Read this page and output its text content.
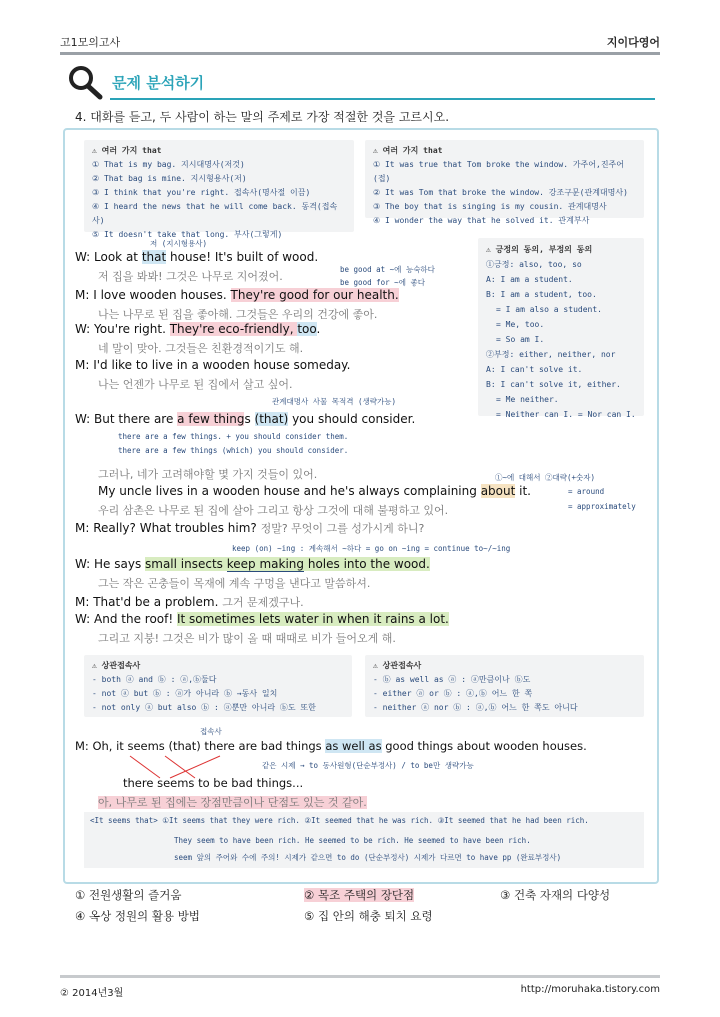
고1모의고사	지이다영어
문제 분석하기
4. 대화를 듣고, 두 사람이 하는 말의 주제로 가장 적절한 것을 고르시오.
⚠ 여러 가지 that
① That is my bag. 지시대명사(저것)
② That bag is mine. 지시형용사(저)
③ I think that you're right. 접속사(명사절 이끔)
④ I heard the news that he will come back. 동격(접속사)
⑤ It doesn't take that long. 부사(그렇게)
⚠ 여러 가지 that
① It was true that Tom broke the window. 가주어,진주어(접)
② It was Tom that broke the window. 강조구문(관계대명사)
③ The boy that is singing is my cousin. 관계대명사
④ I wonder the way that he solved it. 관계부사
⚠ 긍정의 동의, 부정의 동의
①긍정: also, too, so
A: I am a student.
B: I am a student, too.
= I am also a student.
= Me, too.
= So am I.
②부정: either, neither, nor
A: I can't solve it.
B: I can't solve it, either.
= Me neither.
= Neither can I. = Nor can I.
저 (지시형용사)
W: Look at that house! It's built of wood.
저 집을 봐봐! 그것은 나무로 지어졌어.
be good at ~에 능숙하다
be good for ~에 좋다
M: I love wooden houses. They're good for our health.
나는 나무로 된 집을 좋아해. 그것들은 우리의 건강에 좋아.
W: You're right. They're eco-friendly, too.
네 말이 맞아. 그것들은 친환경적이기도 해.
M: I'd like to live in a wooden house someday.
나는 언젠가 나무로 된 집에서 살고 싶어.
관계대명사 사물 목적격 (생략가능)
W: But there are a few things (that) you should consider.
there are a few things. + you should consider them.
there are a few things (which) you should consider.
그러나, 네가 고려해야할 몇 가지 것들이 있어.	①~에 대해서 ②대략(+숫자)
= around
= approximately
My uncle lives in a wooden house and he's always complaining about it.
우리 삼촌은 나무로 된 집에 살아 그리고 항상 그것에 대해 불평하고 있어.
M: Really? What troubles him? 정말? 무엇이 그를 성가시게 하니?
keep (on) ~ing : 계속해서 ~하다 = go on ~ing = continue to~/~ing
W: He says small insects keep making holes into the wood.
그는 작은 곤충들이 목재에 계속 구멍을 낸다고 말씀하셔.
M: That'd be a problem. 그거 문제겠구나.
W: And the roof! It sometimes lets water in when it rains a lot.
그리고 지붕! 그것은 비가 많이 올 때 때때로 비가 들어오게 해.
⚠ 상관접속사
- both ⓐ and ⓑ : ⓐ,ⓑ둘다
- not ⓐ but ⓑ : ⓐ가 아니라 ⓑ →동사 일치
- not only ⓐ but also ⓑ : ⓐ뿐만 아니라 ⓑ도 또한
⚠ 상관접속사
- ⓑ as well as ⓐ : ⓐ만큼이나 ⓑ도
- either ⓐ or ⓑ : ⓐ,ⓑ 어느 한 쪽
- neither ⓐ nor ⓑ : ⓐ,ⓑ 어느 한 쪽도 아니다
접속사
M: Oh, it seems (that) there are bad things as well as good things about wooden houses.
같은 시제 → to 동사원형(단순부정사) / to be만 생략가능
there seems to be bad things...
아, 나무로 된 집에는 장점만큼이나 단점도 있는 것 같아.
<It seems that> ①It seems that they were rich. ②It seemed that he was rich. ③It seemed that he had been rich.
They seem to have been rich. He seemed to be rich. He seemed to have been rich.
seem 앞의 주어와 수에 주의! 시제가 같으면 to do (단순부정사) 시제가 다르면 to have pp (완료부정사)
① 전원생활의 즐거움	② 목조 주택의 장단점	③ 건축 자재의 다양성
④ 옥상 정원의 활용 방법	⑤ 집 안의 해충 퇴치 요령
② 2014년3월	http://moruhaka.tistory.com
